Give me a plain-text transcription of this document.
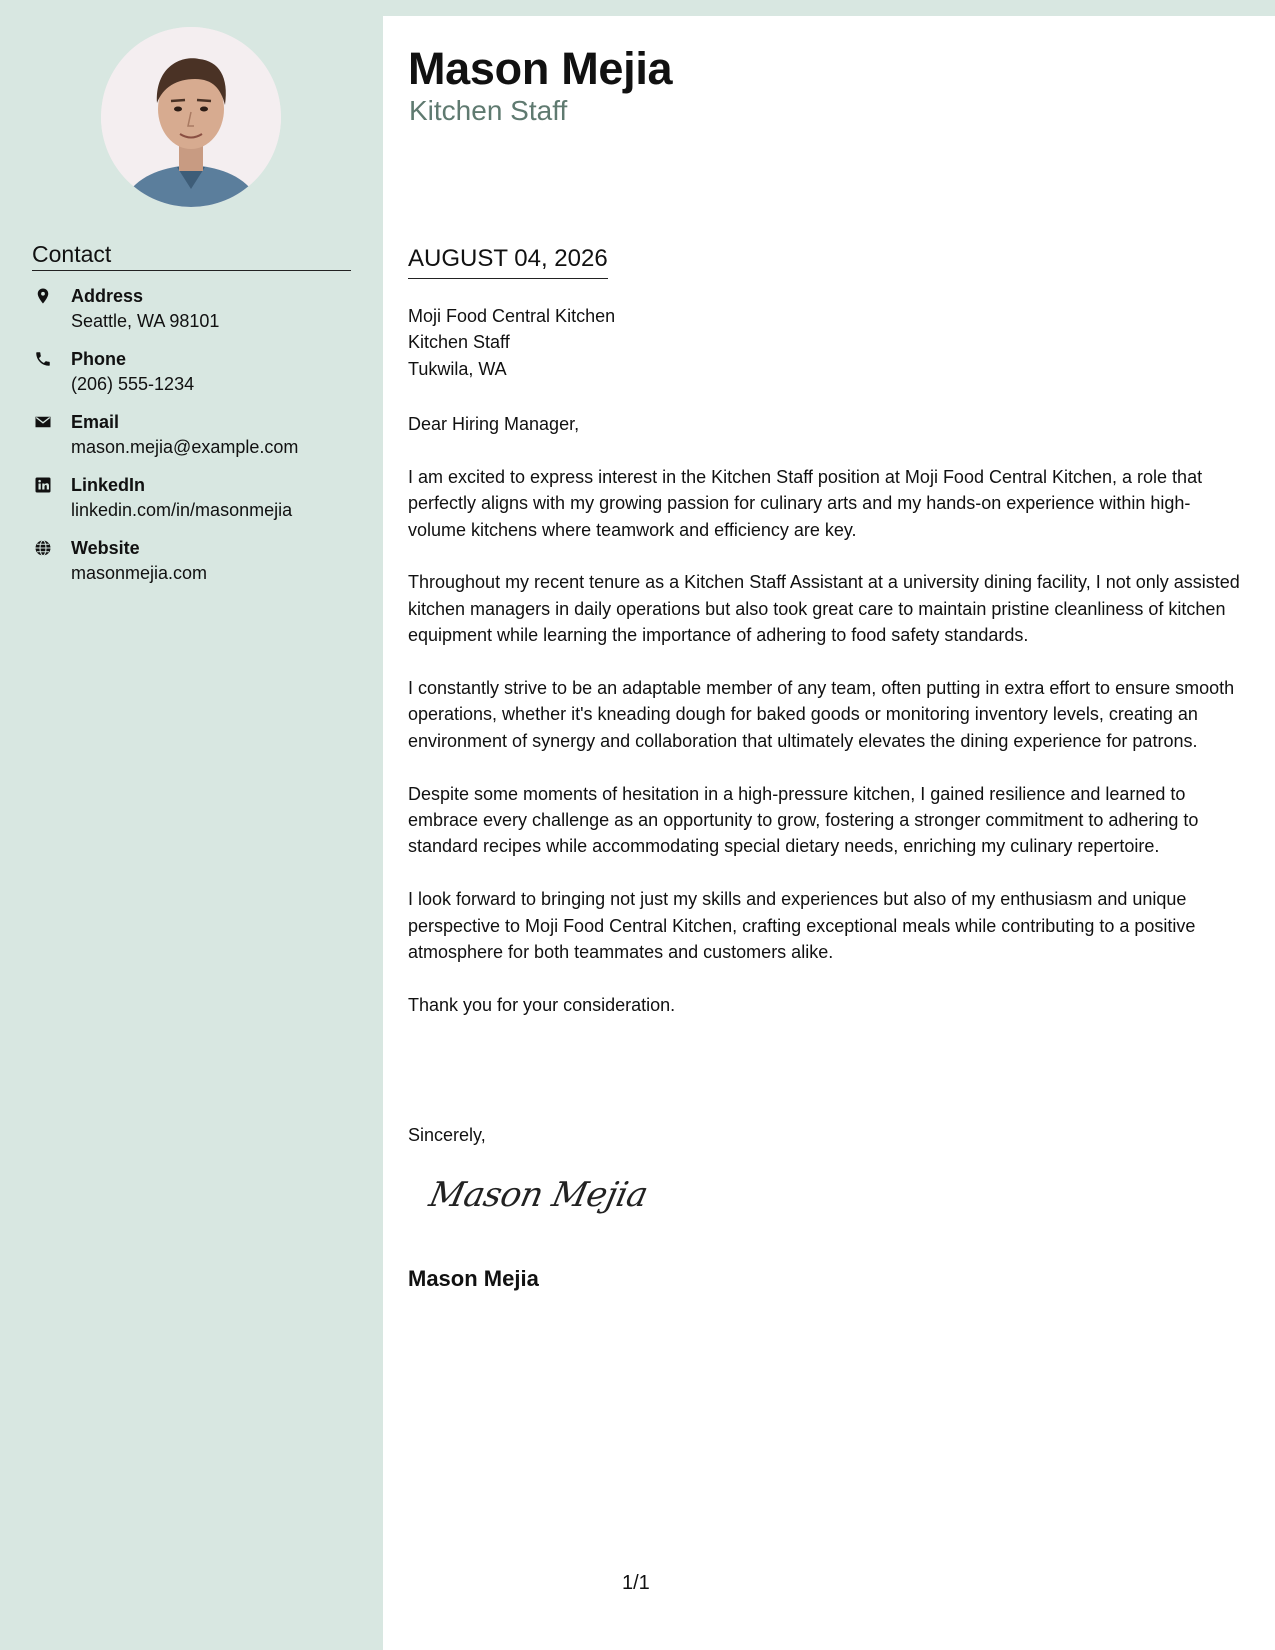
Contact
Address
Seattle, WA 98101
Phone
(206) 555-1234
Email
mason.mejia@example.com
LinkedIn
linkedin.com/in/masonmejia
Website
masonmejia.com
Mason Mejia
Kitchen Staff
AUGUST 04, 2026
Moji Food Central Kitchen
Kitchen Staff
Tukwila, WA

Dear Hiring Manager,

I am excited to express interest in the Kitchen Staff position at Moji Food Central Kitchen, a role that perfectly aligns with my growing passion for culinary arts and my hands-on experience within high-volume kitchens where teamwork and efficiency are key.

Throughout my recent tenure as a Kitchen Staff Assistant at a university dining facility, I not only assisted kitchen managers in daily operations but also took great care to maintain pristine cleanliness of kitchen equipment while learning the importance of adhering to food safety standards.

I constantly strive to be an adaptable member of any team, often putting in extra effort to ensure smooth operations, whether it's kneading dough for baked goods or monitoring inventory levels, creating an environment of synergy and collaboration that ultimately elevates the dining experience for patrons.

Despite some moments of hesitation in a high-pressure kitchen, I gained resilience and learned to embrace every challenge as an opportunity to grow, fostering a stronger commitment to adhering to standard recipes while accommodating special dietary needs, enriching my culinary repertoire.

I look forward to bringing not just my skills and experiences but also of my enthusiasm and unique perspective to Moji Food Central Kitchen, crafting exceptional meals while contributing to a positive atmosphere for both teammates and customers alike.

Thank you for your consideration.

Sincerely,
Mason Mejia
Mason Mejia
1/1
